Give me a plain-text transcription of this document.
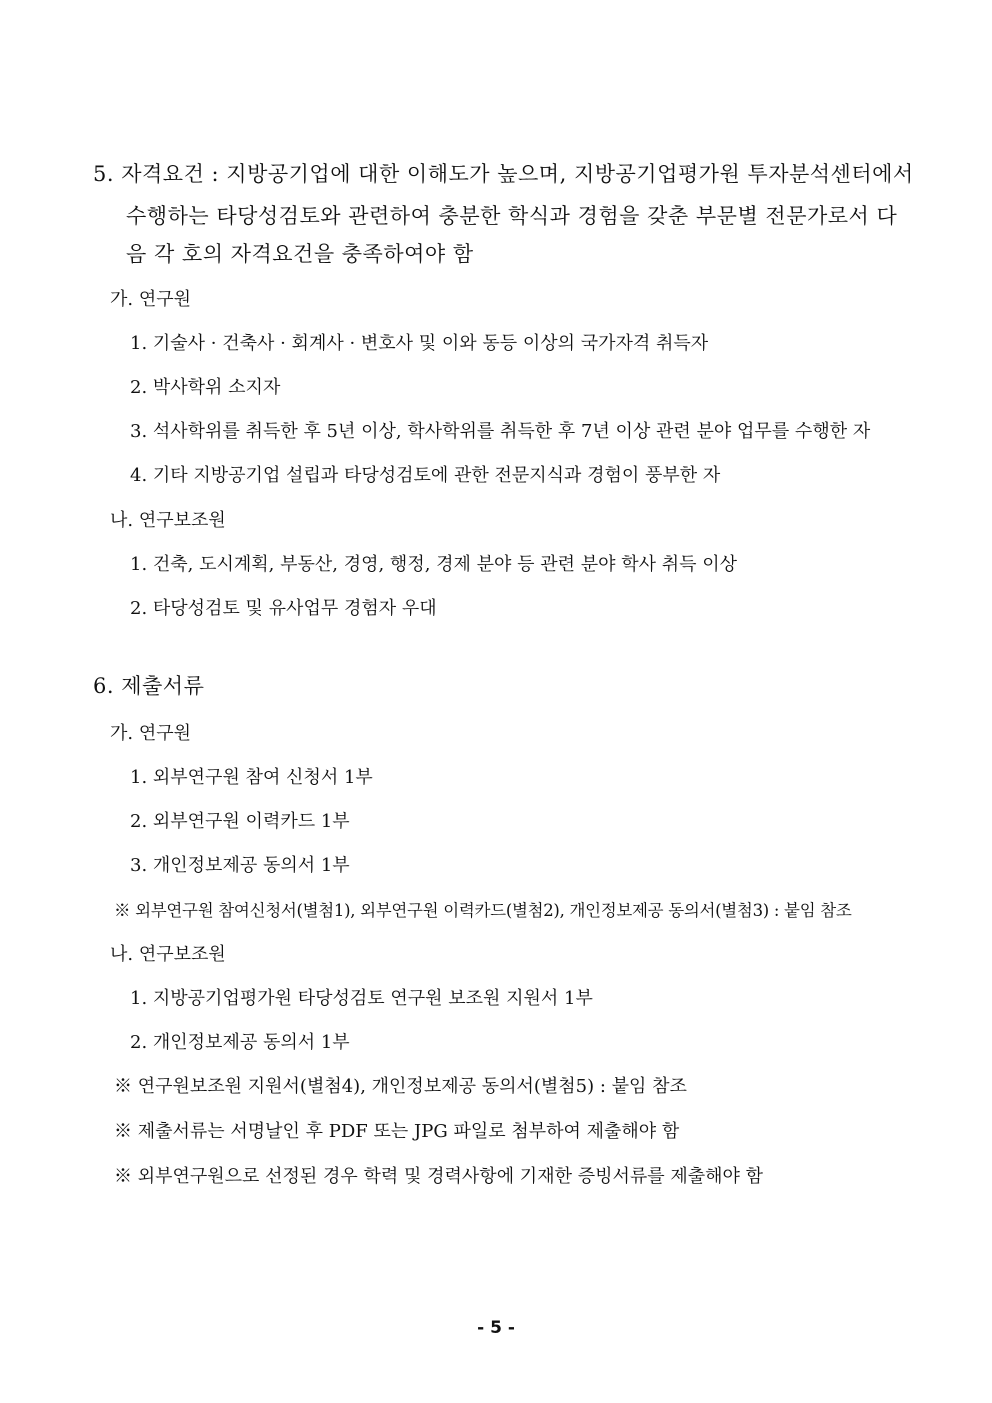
5. 자격요건 : 지방공기업에 대한 이해도가 높으며, 지방공기업평가원 투자분석센터에서
수행하는 타당성검토와 관련하여 충분한 학식과 경험을 갖춘 부문별 전문가로서 다
음 각 호의 자격요건을 충족하여야 함
가. 연구원
1. 기술사 · 건축사 · 회계사 · 변호사 및 이와 동등 이상의 국가자격 취득자
2. 박사학위 소지자
3. 석사학위를 취득한 후 5년 이상, 학사학위를 취득한 후 7년 이상 관련 분야 업무를 수행한 자
4. 기타 지방공기업 설립과 타당성검토에 관한 전문지식과 경험이 풍부한 자
나. 연구보조원
1. 건축, 도시계획, 부동산, 경영, 행정, 경제 분야 등 관련 분야 학사 취득 이상
2. 타당성검토 및 유사업무 경험자 우대
6. 제출서류
가. 연구원
1. 외부연구원 참여 신청서 1부
2. 외부연구원 이력카드 1부
3. 개인정보제공 동의서 1부
※ 외부연구원 참여신청서(별첨1), 외부연구원 이력카드(별첨2), 개인정보제공 동의서(별첨3) : 붙임 참조
나. 연구보조원
1. 지방공기업평가원 타당성검토 연구원 보조원 지원서 1부
2. 개인정보제공 동의서 1부
※ 연구원보조원 지원서(별첨4), 개인정보제공 동의서(별첨5) : 붙임 참조
※ 제출서류는 서명날인 후 PDF 또는 JPG 파일로 첨부하여 제출해야 함
※ 외부연구원으로 선정된 경우 학력 및 경력사항에 기재한 증빙서류를 제출해야 함
- 5 -
